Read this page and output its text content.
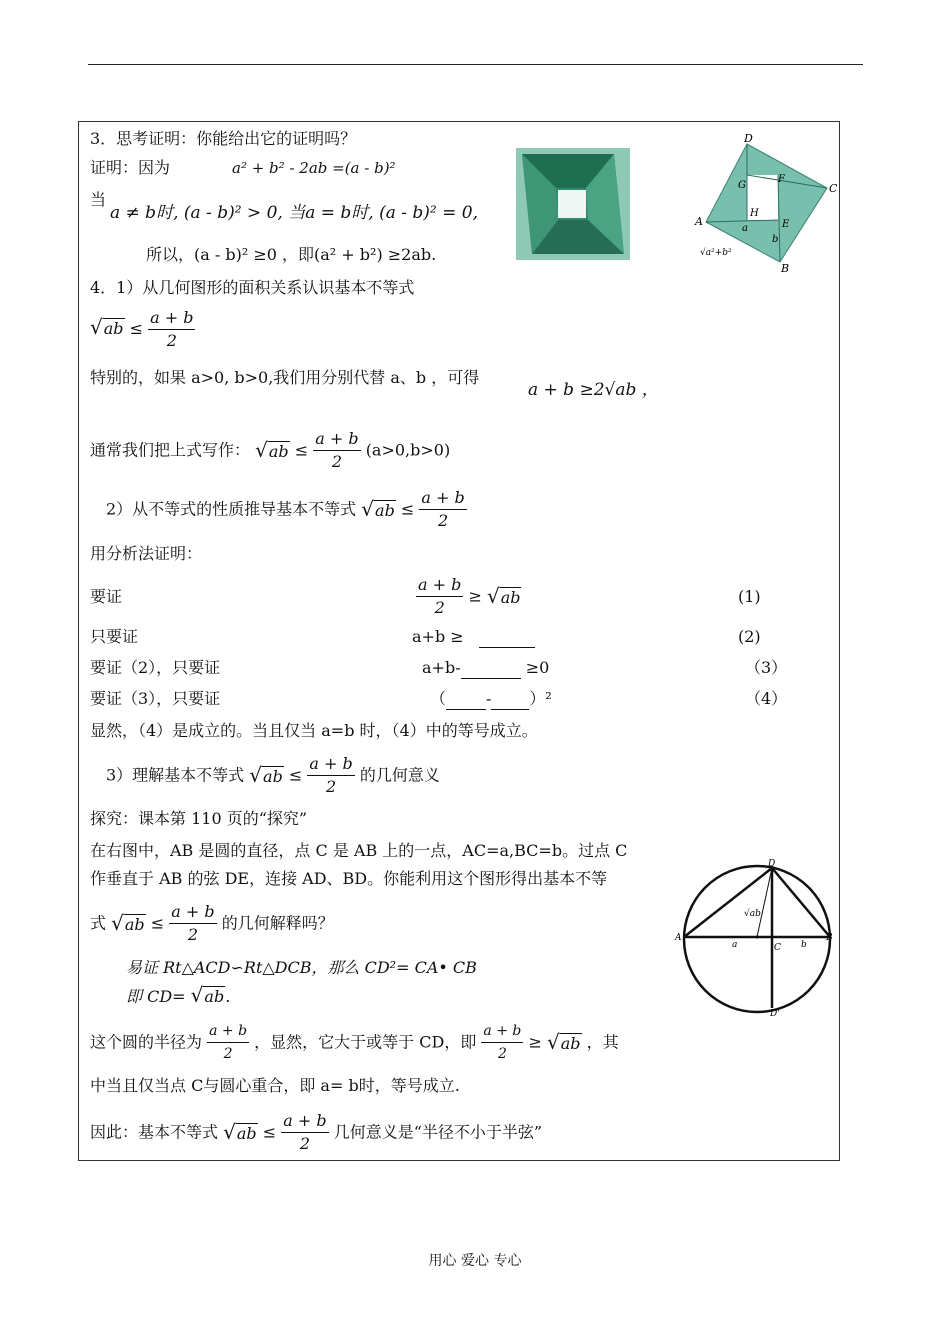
3．思考证明：你能给出它的证明吗？
证明：因为	a² + b² - 2ab =(a - b)²
当
a ≠ b时, (a - b)² > 0, 当a = b时, (a - b)² = 0,
所以，(a - b)² ≥0 ，即(a² + b²) ≥2ab.
D
C
A
B
G
F
H
E
a
b
√a²+b²
4．1）从几何图形的面积关系认识基本不等式
$√ab \le \frac{a + b}{2}$
特别的，如果 a>0, b>0,我们用分别代替 a、b ，可得
a + b ≥2√ab ，
通常我们把上式写作： $√ab \le \frac{a + b}{2} (a>0,b>0)$
2）从不等式的性质推导基本不等式 $√ab \le \frac{a + b}{2}$
用分析法证明：
要证	$\frac{a + b}{2} \ge √ab$	(1)
只要证	a+b ≥	(2)
要证（2），只要证	a+b-	≥0	（3）
要证（3），只要证	（	- ）²	（4）
显然，（4）是成立的。当且仅当 a=b 时，（4）中的等号成立。
3）理解基本不等式 $√ab \le \frac{a + b}{2}$ 的几何意义
探究：课本第 110 页的“探究”
在右图中，AB 是圆的直径，点 C 是 AB 上的一点，AC=a,BC=b。过点 C
作垂直于 AB 的弦 DE，连接 AD、BD。你能利用这个图形得出基本不等
式 $√ab \le \frac{a + b}{2}$ 的几何解释吗？
易证 Rt△ACD∽Rt△DCB，那么 CD²= CA• CB
即 CD= √ab.
这个圆的半径为 $\frac{a + b}{2}$ ，显然，它大于或等于 CD，即 $\frac{a + b}{2} \ge √ab$ ，其
中当且仅当点 C与圆心重合，即 a= b时，等号成立.
因此：基本不等式 $√ab \le \frac{a + b}{2}$ 几何意义是“半径不小于半弦”
D
A	B
C
D'
a	b
√ab
用心 爱心 专心
